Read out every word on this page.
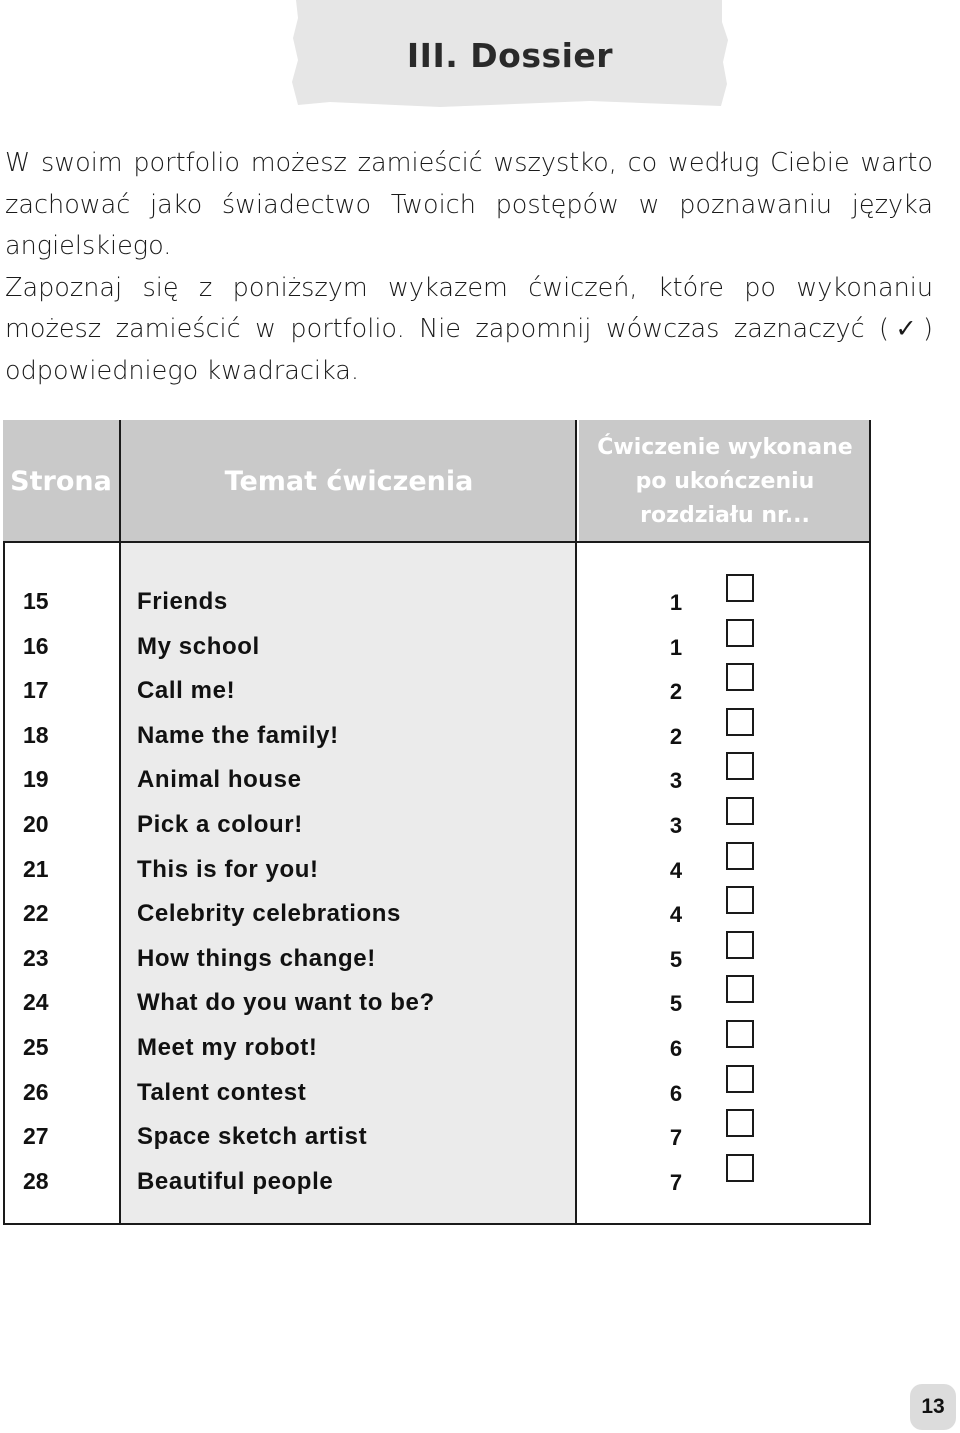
III. Dossier

W swoim portfolio możesz zamieścić wszystko, co według Ciebie warto zachować jako świadectwo Twoich postępów w poznawaniu języka angielskiego.

Zapoznaj się z poniższym wykazem ćwiczeń, które po wykonaniu możesz zamieścić w portfolio. Nie zapomnij wówczas zaznaczyć (✓) odpowiedniego kwadracika.

Strona	Temat ćwiczenia
Ćwiczenie wykonane
po ukończeniu
rozdziału nr...
15	Friends	1
16	My school	1
17	Call me!	2
18	Name the family!	2
19	Animal house	3
20	Pick a colour!	3
21	This is for you!	4
22	Celebrity celebrations	4
23	How things change!	5
24	What do you want to be?	5
25	Meet my robot!	6
26	Talent contest	6
27	Space sketch artist	7
28	Beautiful people	7
13
